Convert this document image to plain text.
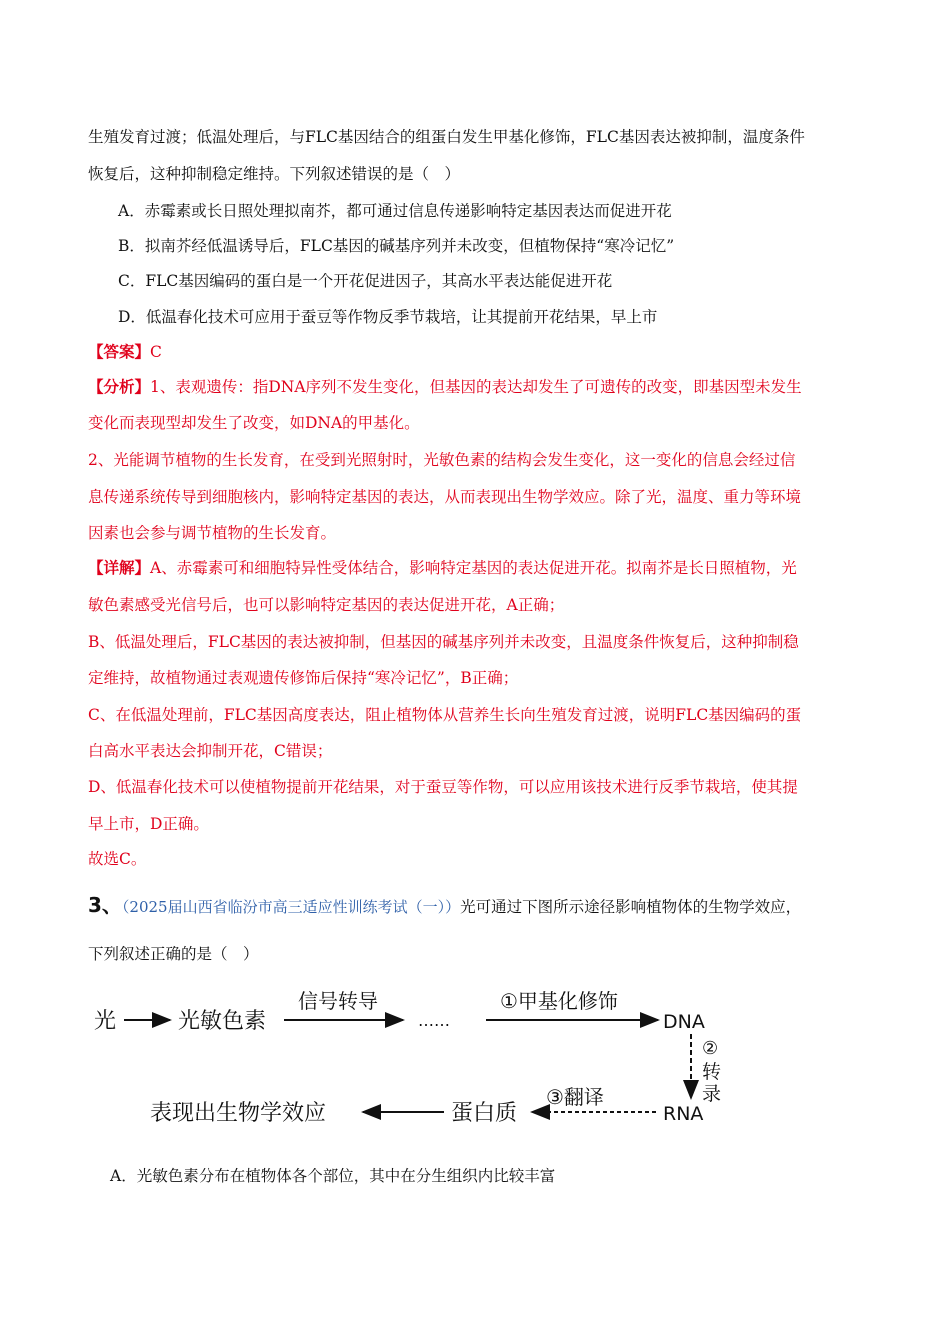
生殖发育过渡；低温处理后，与FLC基因结合的组蛋白发生甲基化修饰，FLC基因表达被抑制，温度条件
恢复后，这种抑制稳定维持。下列叙述错误的是（　）
A．赤霉素或长日照处理拟南芥，都可通过信息传递影响特定基因表达而促进开花
B．拟南芥经低温诱导后，FLC基因的碱基序列并未改变，但植物保持“寒冷记忆”
C．FLC基因编码的蛋白是一个开花促进因子，其高水平表达能促进开花
D．低温春化技术可应用于蚕豆等作物反季节栽培，让其提前开花结果，早上市
【答案】C
【分析】1、表观遗传：指DNA序列不发生变化，但基因的表达却发生了可遗传的改变，即基因型未发生
变化而表现型却发生了改变，如DNA的甲基化。
2、光能调节植物的生长发育，在受到光照射时，光敏色素的结构会发生变化，这一变化的信息会经过信
息传递系统传导到细胞核内，影响特定基因的表达，从而表现出生物学效应。除了光，温度、重力等环境
因素也会参与调节植物的生长发育。
【详解】A、赤霉素可和细胞特异性受体结合，影响特定基因的表达促进开花。拟南芥是长日照植物，光
敏色素感受光信号后，也可以影响特定基因的表达促进开花，A正确；
B、低温处理后，FLC基因的表达被抑制，但基因的碱基序列并未改变，且温度条件恢复后，这种抑制稳
定维持，故植物通过表观遗传修饰后保持“寒冷记忆”，B正确；
C、在低温处理前，FLC基因高度表达，阻止植物体从营养生长向生殖发育过渡，说明FLC基因编码的蛋
白高水平表达会抑制开花，C错误；
D、低温春化技术可以使植物提前开花结果，对于蚕豆等作物，可以应用该技术进行反季节栽培，使其提
早上市，D正确。
故选C。
3、（2025届山西省临汾市高三适应性训练考试（一））光可通过下图所示途径影响植物体的生物学效应，
下列叙述正确的是（　）
光	光敏色素
信号转导
……
①甲基化修饰
DNA
②
转
录
RNA
③翻译
蛋白质
表现出生物学效应
A．光敏色素分布在植物体各个部位，其中在分生组织内比较丰富
